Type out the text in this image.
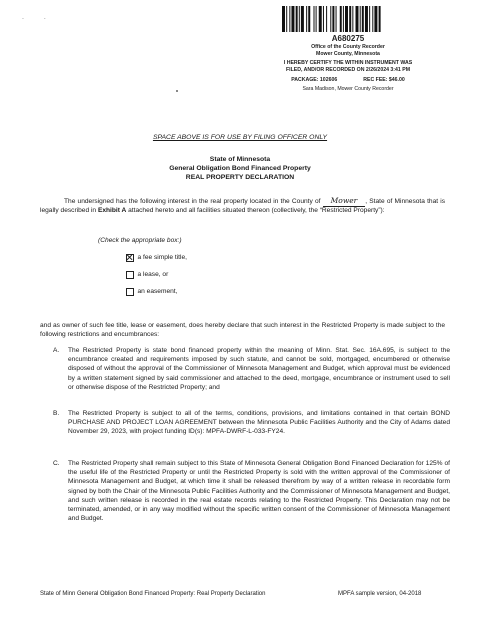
. .
A680275
Office of the County Recorder
Mower County, Minnesota
I HEREBY CERTIFY THE WITHIN INSTRUMENT WAS
FILED, AND/OR RECORDED ON 2/26/2024 3:41 PM
PACKAGE: 102606	REC FEE: $46.00
Sara Madison, Mower County Recorder
SPACE ABOVE IS FOR USE BY FILING OFFICER ONLY
State of Minnesota
General Obligation Bond Financed Property
REAL PROPERTY DECLARATION
The undersigned has the following interest in the real property located in the County of Mower , State of Minnesota that is legally described in Exhibit A attached hereto and all facilities situated thereon (collectively, the “Restricted Property”):
(Check the appropriate box:)
a fee simple title,
a lease, or
an easement,
and as owner of such fee title, lease or easement, does hereby declare that such interest in the Restricted Property is made subject to the following restrictions and encumbrances:
A.	The Restricted Property is state bond financed property within the meaning of Minn. Stat. Sec. 16A.695, is subject to the encumbrance created and requirements imposed by such statute, and cannot be sold, mortgaged, encumbered or otherwise disposed of without the approval of the Commissioner of Minnesota Management and Budget, which approval must be evidenced by a written statement signed by said commissioner and attached to the deed, mortgage, encumbrance or instrument used to sell or otherwise dispose of the Restricted Property; and
B.	The Restricted Property is subject to all of the terms, conditions, provisions, and limitations contained in that certain BOND PURCHASE AND PROJECT LOAN AGREEMENT between the Minnesota Public Facilities Authority and the City of Adams dated November 29, 2023, with project funding ID(s): MPFA-DWRF-L-033-FY24.
C.	The Restricted Property shall remain subject to this State of Minnesota General Obligation Bond Financed Declaration for 125% of the useful life of the Restricted Property or until the Restricted Property is sold with the written approval of the Commissioner of Minnesota Management and Budget, at which time it shall be released therefrom by way of a written release in recordable form signed by both the Chair of the Minnesota Public Facilities Authority and the Commissioner of Minnesota Management and Budget, and such written release is recorded in the real estate records relating to the Restricted Property. This Declaration may not be terminated, amended, or in any way modified without the specific written consent of the Commissioner of Minnesota Management and Budget.
State of Minn General Obligation Bond Financed Property: Real Property Declaration	MPFA sample version, 04-2018
